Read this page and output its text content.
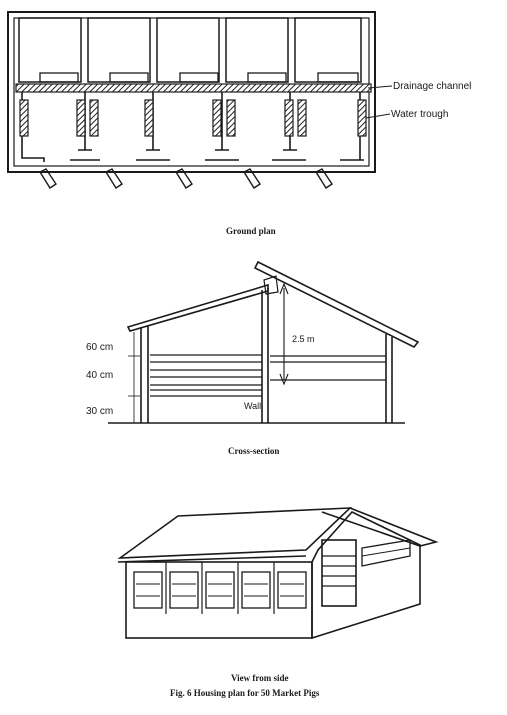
Drainage channel
Water trough
Ground plan
60 cm
40 cm
30 cm
2.5 m
Wall
Cross-section
View from side
Fig. 6 Housing plan for 50 Market Pigs
